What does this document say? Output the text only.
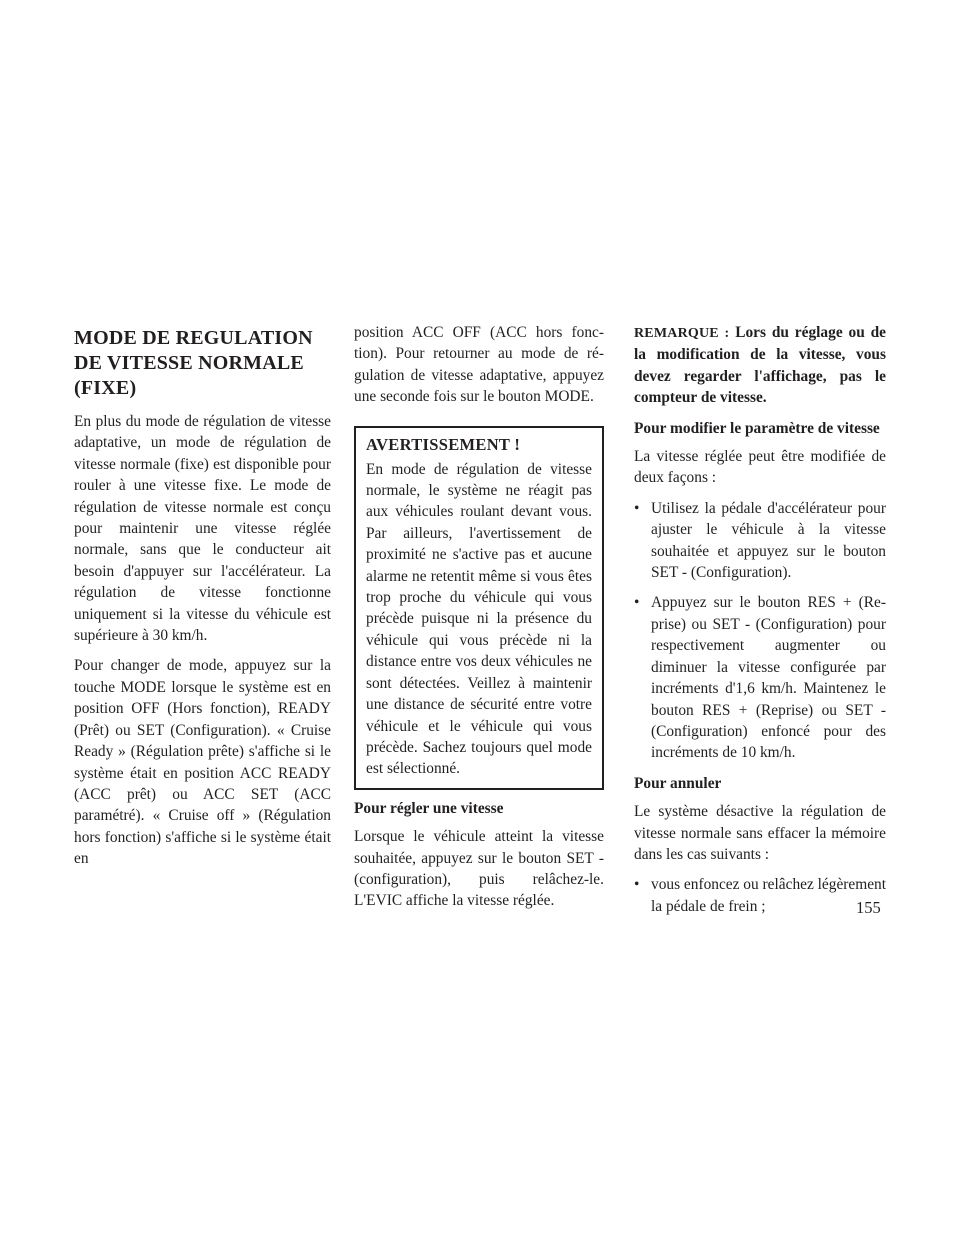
MODE DE REGULATION DE VITESSE NORMALE (FIXE)

En plus du mode de régulation de vitesse adaptative, un mode de régulation de vitesse normale (fixe) est disponible pour rouler à une vitesse fixe. Le mode de régulation de vitesse normale est conçu pour maintenir une vitesse réglée normale, sans que le conducteur ait besoin d'appuyer sur l'accélérateur. La régulation de vitesse fonctionne uniquement si la vitesse du véhicule est supérieure à 30 km/h.

Pour changer de mode, appuyez sur la touche MODE lorsque le système est en position OFF (Hors fonction), READY (Prêt) ou SET (Configuration). « Cruise Ready » (Régulation prête) s'affiche si le système était en position ACC READY (ACC prêt) ou ACC SET (ACC paramétré). « Cruise off » (Régulation hors fonction) s'affiche si le système était en

position ACC OFF (ACC hors fonction). Pour retourner au mode de régulation de vitesse adaptative, appuyez une seconde fois sur le bouton MODE.

AVERTISSEMENT !

En mode de régulation de vitesse normale, le système ne réagit pas aux véhicules roulant devant vous. Par ailleurs, l'avertissement de proximité ne s'active pas et aucune alarme ne retentit même si vous êtes trop proche du véhicule qui vous précède puisque ni la présence du véhicule qui vous précède ni la distance entre vos deux véhicules ne sont détectées. Veillez à maintenir une distance de sécurité entre votre véhicule et le véhicule qui vous précède. Sachez toujours quel mode est sélectionné.

Pour régler une vitesse

Lorsque le véhicule atteint la vitesse souhaitée, appuyez sur le bouton SET - (configuration), puis relâchez-le. L'EVIC affiche la vitesse réglée.

REMARQUE : Lors du réglage ou de la modification de la vitesse, vous devez regarder l'affichage, pas le compteur de vitesse.
Pour modifier le paramètre de vitesse

La vitesse réglée peut être modifiée de deux façons :

• Utilisez la pédale d'accélérateur pour ajuster le véhicule à la vitesse souhaitée et appuyez sur le bouton SET - (Configuration).
• Appuyez sur le bouton RES + (Reprise) ou SET - (Configuration) pour respectivement augmenter ou diminuer la vitesse configurée par incréments d'1,6 km/h. Maintenez le bouton RES + (Reprise) ou SET - (Configuration) enfoncé pour des incréments de 10 km/h.
Pour annuler

Le système désactive la régulation de vitesse normale sans effacer la mémoire dans les cas suivants :

• vous enfoncez ou relâchez légèrement la pédale de frein ;	155
